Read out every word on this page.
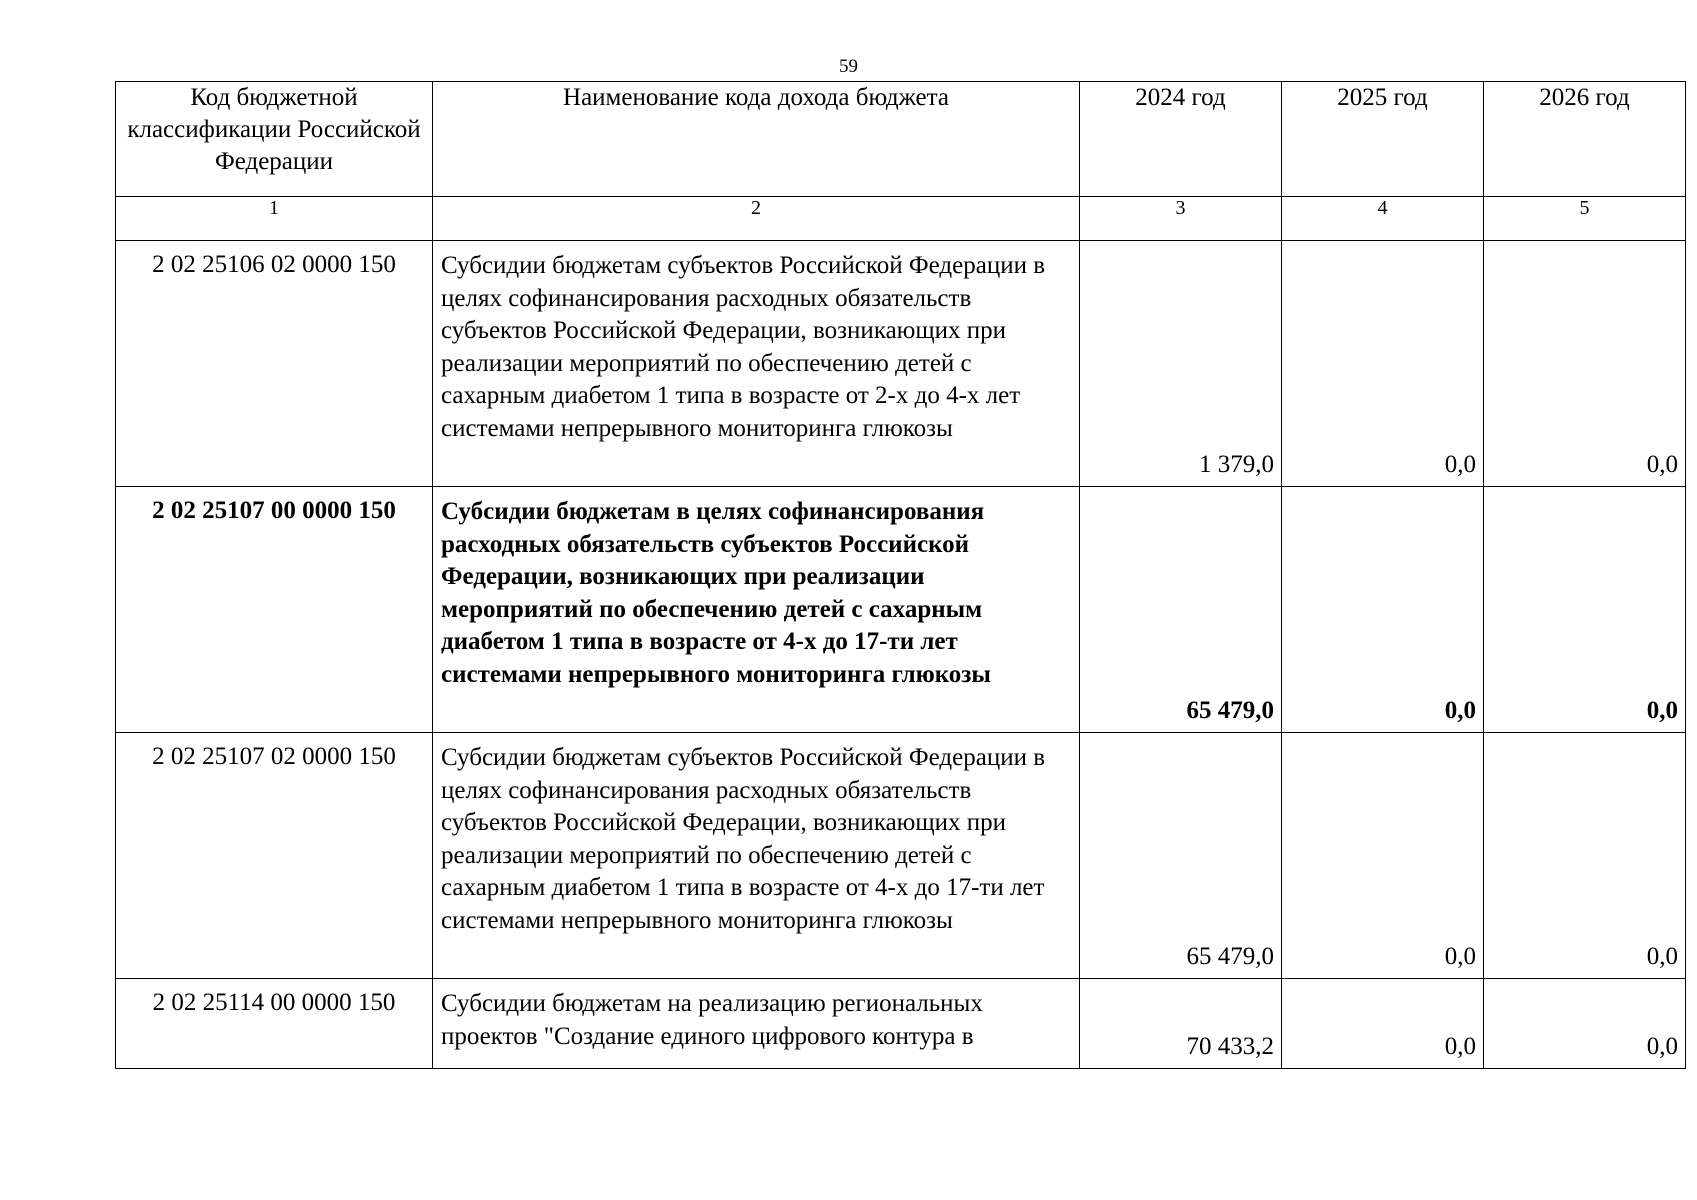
59
Код бюджетной классификации Российской Федерации	Наименование кода дохода бюджета	2024 год	2025 год	2026 год
1	2	3	4	5
2 02 25106 02 0000 150	Субсидии бюджетам субъектов Российской Федерации в целях софинансирования расходных обязательств субъектов Российской Федерации, возникающих при реализации мероприятий по обеспечению детей с сахарным диабетом 1 типа в возрасте от 2-х до 4-х лет системами непрерывного мониторинга глюкозы	1 379,0	0,0	0,0
2 02 25107 00 0000 150	Субсидии бюджетам в целях софинансирования расходных обязательств субъектов Российской Федерации, возникающих при реализации мероприятий по обеспечению детей с сахарным диабетом 1 типа в возрасте от 4-х до 17-ти лет системами непрерывного мониторинга глюкозы	65 479,0	0,0	0,0
2 02 25107 02 0000 150	Субсидии бюджетам субъектов Российской Федерации в целях софинансирования расходных обязательств субъектов Российской Федерации, возникающих при реализации мероприятий по обеспечению детей с сахарным диабетом 1 типа в возрасте от 4-х до 17-ти лет системами непрерывного мониторинга глюкозы	65 479,0	0,0	0,0
2 02 25114 00 0000 150	Субсидии бюджетам на реализацию региональных проектов "Создание единого цифрового контура в	70 433,2	0,0	0,0
